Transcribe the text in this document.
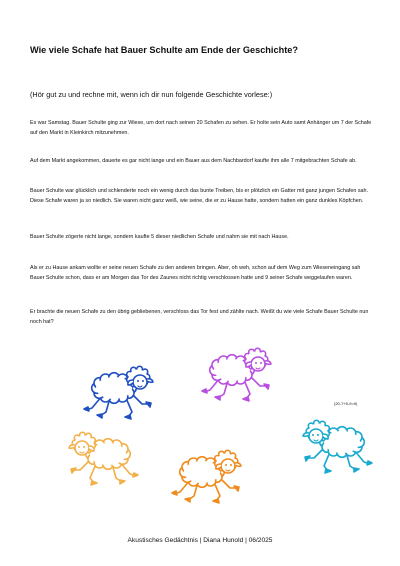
Wie viele Schafe hat Bauer Schulte am Ende der Geschichte?
(Hör gut zu und rechne mit, wenn ich dir nun folgende Geschichte vorlese:)
Es war Samstag. Bauer Schulte ging zur Wiese, um dort nach seinen 20 Schafen zu sehen. Er holte sein Auto samt Anhänger um 7 der Schafe auf den Markt in Kleinkirch mitzunehmen.
Auf dem Markt angekommen, dauerte es gar nicht lange und ein Bauer aus dem Nachbardorf kaufte ihm alle 7 mitgebrachten Schafe ab.
Bauer Schulte war glücklich und schlenderte noch ein wenig durch das bunte Treiben, bis er plötzlich ein Gatter mit ganz jungen Schafen sah. Diese Schafe waren ja so niedlich. Sie waren nicht ganz weiß, wie seine, die er zu Hause hatte, sondern hatten ein ganz dunkles Köpfchen.
Bauer Schulte zögerte nicht lange, sondern kaufte 5 dieser niedlichen Schafe und nahm sie mit nach Hause.
Als er zu Hause ankam wollte er seine neuen Schafe zu den anderen bringen. Aber, oh weh, schon auf dem Weg zum Wieseneingang sah Bauer Schulte schon, dass er am Morgen das Tor des Zaunes nicht richtig verschlossen hatte und 9 seiner Schafe weggelaufen waren.
Er brachte die neuen Schafe zu den übrig gebliebenen, verschloss das Tor fest und zählte nach. Weißt du wie viele Schafe Bauer Schulte nun noch hat?
(20-7+5-9=9)
Akustisches Gedächtnis | Diana Hunold | 06/2025
